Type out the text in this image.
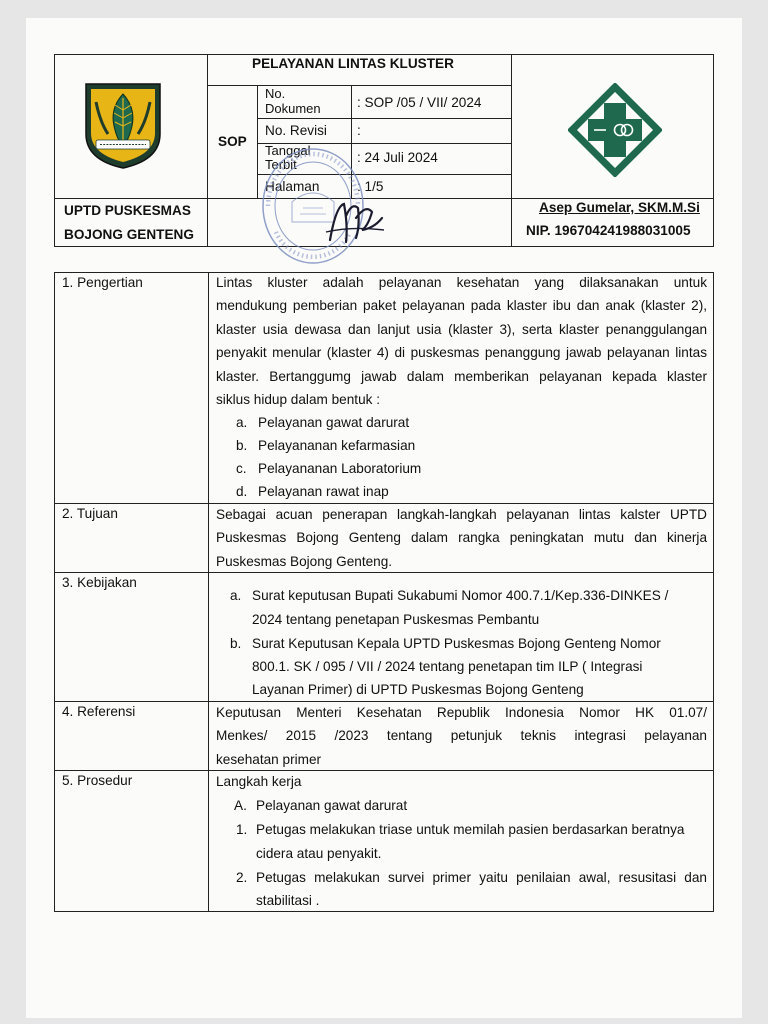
PELAYANAN LINTAS KLUSTER
SOP
No. Dokumen	: SOP /05 / VII/ 2024
No. Revisi :
Tanggal Terbit	: 24 Juli 2024
Halaman	: 1/5
UPTD PUSKESMAS
BOJONG GENTENG
Asep Gumelar, SKM.M.Si
NIP. 196704241988031005
1. Pengertian	Lintas kluster adalah pelayanan kesehatan yang dilaksanakan untuk
mendukung pemberian paket pelayanan pada klaster ibu dan anak (klaster 2),
klaster usia dewasa dan lanjut usia (klaster 3), serta klaster penanggulangan
penyakit menular (klaster 4) di puskesmas penanggung jawab pelayanan lintas
klaster. Bertanggumg jawab dalam memberikan pelayanan kepada klaster
siklus hidup dalam bentuk :
a. Pelayanan gawat darurat
b. Pelayananan kefarmasian
c. Pelayananan Laboratorium
d. Pelayanan rawat inap
2. Tujuan	Sebagai acuan penerapan langkah-langkah pelayanan lintas kalster UPTD
Puskesmas Bojong Genteng dalam rangka peningkatan mutu dan kinerja
Puskesmas Bojong Genteng.
3. Kebijakan
a. Surat keputusan Bupati Sukabumi Nomor 400.7.1/Kep.336-DINKES /
2024 tentang penetapan Puskesmas Pembantu
b. Surat Keputusan Kepala UPTD Puskesmas Bojong Genteng Nomor
800.1. SK / 095 / VII / 2024 tentang penetapan tim ILP ( Integrasi
Layanan Primer) di UPTD Puskesmas Bojong Genteng
4. Referensi	Keputusan Menteri Kesehatan Republik Indonesia Nomor HK 01.07/
Menkes/ 2015 /2023 tentang petunjuk teknis integrasi pelayanan
kesehatan primer
5. Prosedur	Langkah kerja
A. Pelayanan gawat darurat
1. Petugas melakukan triase untuk memilah pasien berdasarkan beratnya
cidera atau penyakit.
2. Petugas melakukan survei primer yaitu penilaian awal, resusitasi dan
stabilitasi .
